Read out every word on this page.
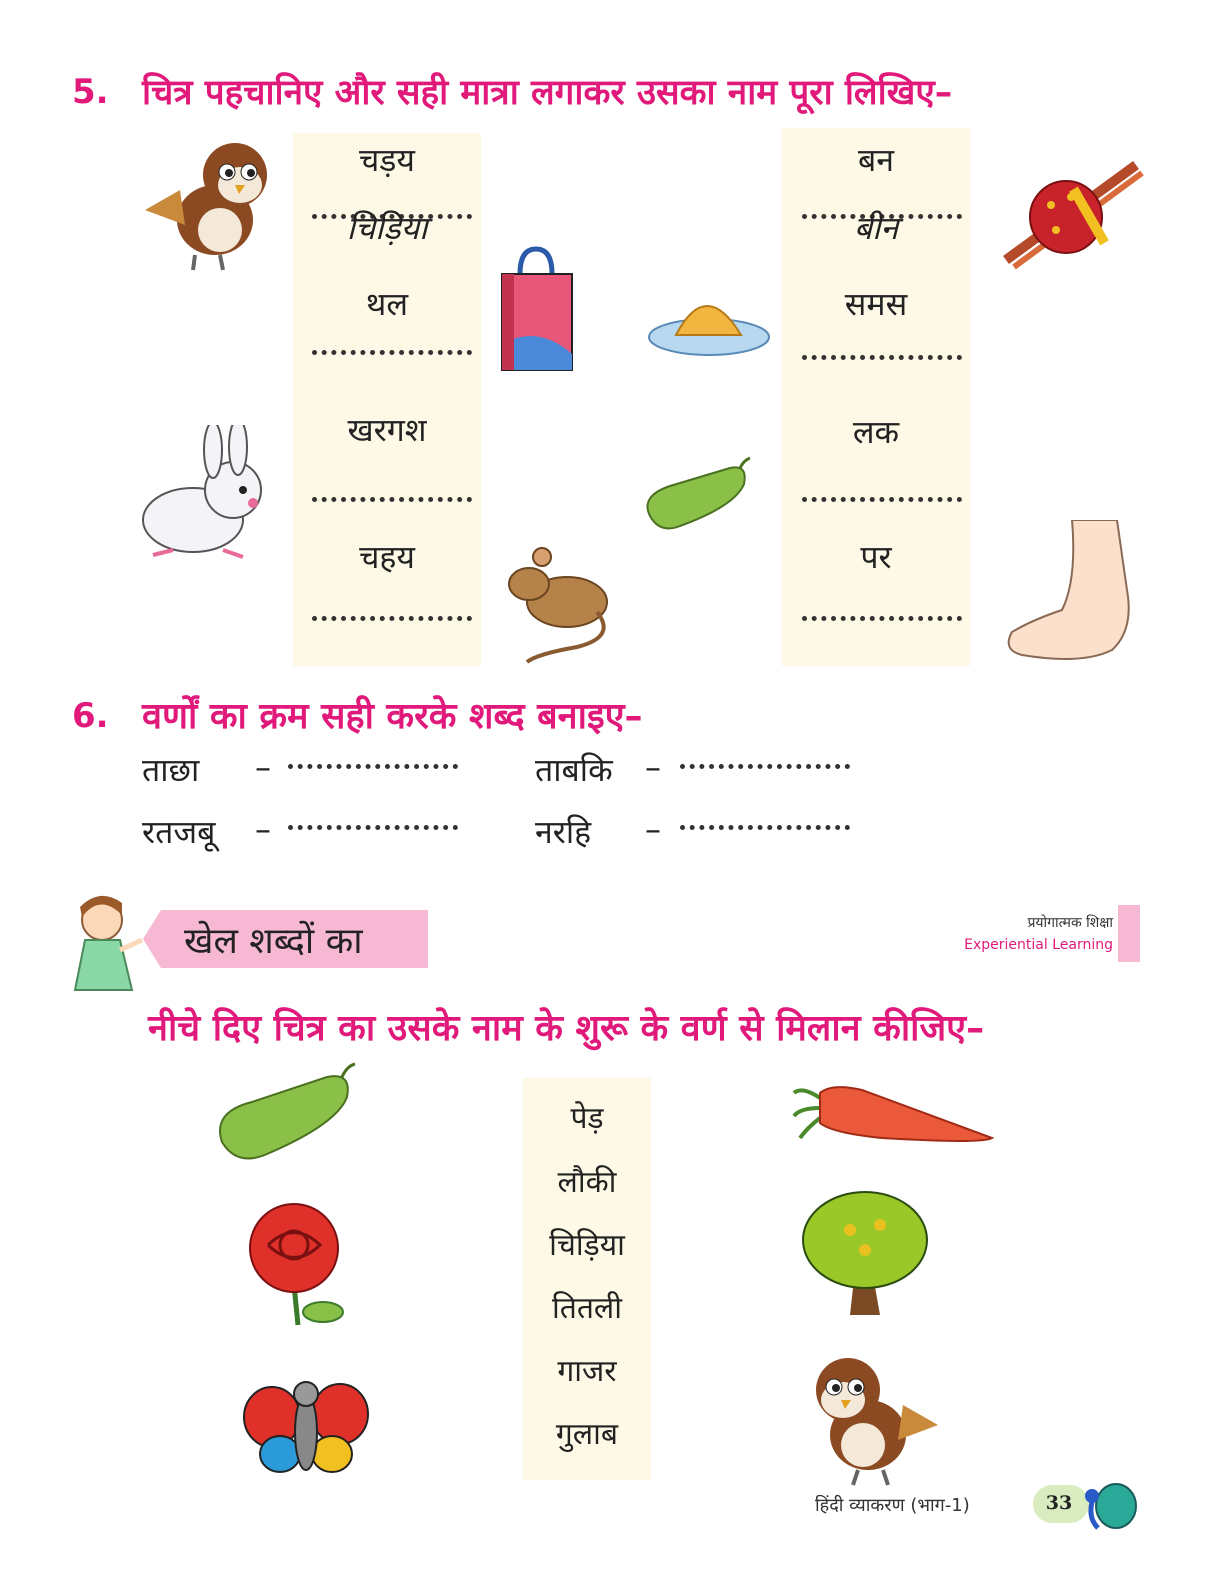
5. चित्र पहचानिए और सही मात्रा लगाकर उसका नाम पूरा लिखिए–
चड़य
चिड़िया
थल
खरगश
चहय
बन
बीन
समस
लक
पर
6. वर्णों का क्रम सही करके शब्द बनाइए–
ताछा –	ताबकि –
रतजबू –	नरहि –
खेल शब्दों का	प्रयोगात्मक शिक्षा
Experiential Learning
नीचे दिए चित्र का उसके नाम के शुरू के वर्ण से मिलान कीजिए–
पेड़
लौकी
चिड़िया
तितली
गाजर
गुलाब
हिंदी व्याकरण (भाग-1)	33
